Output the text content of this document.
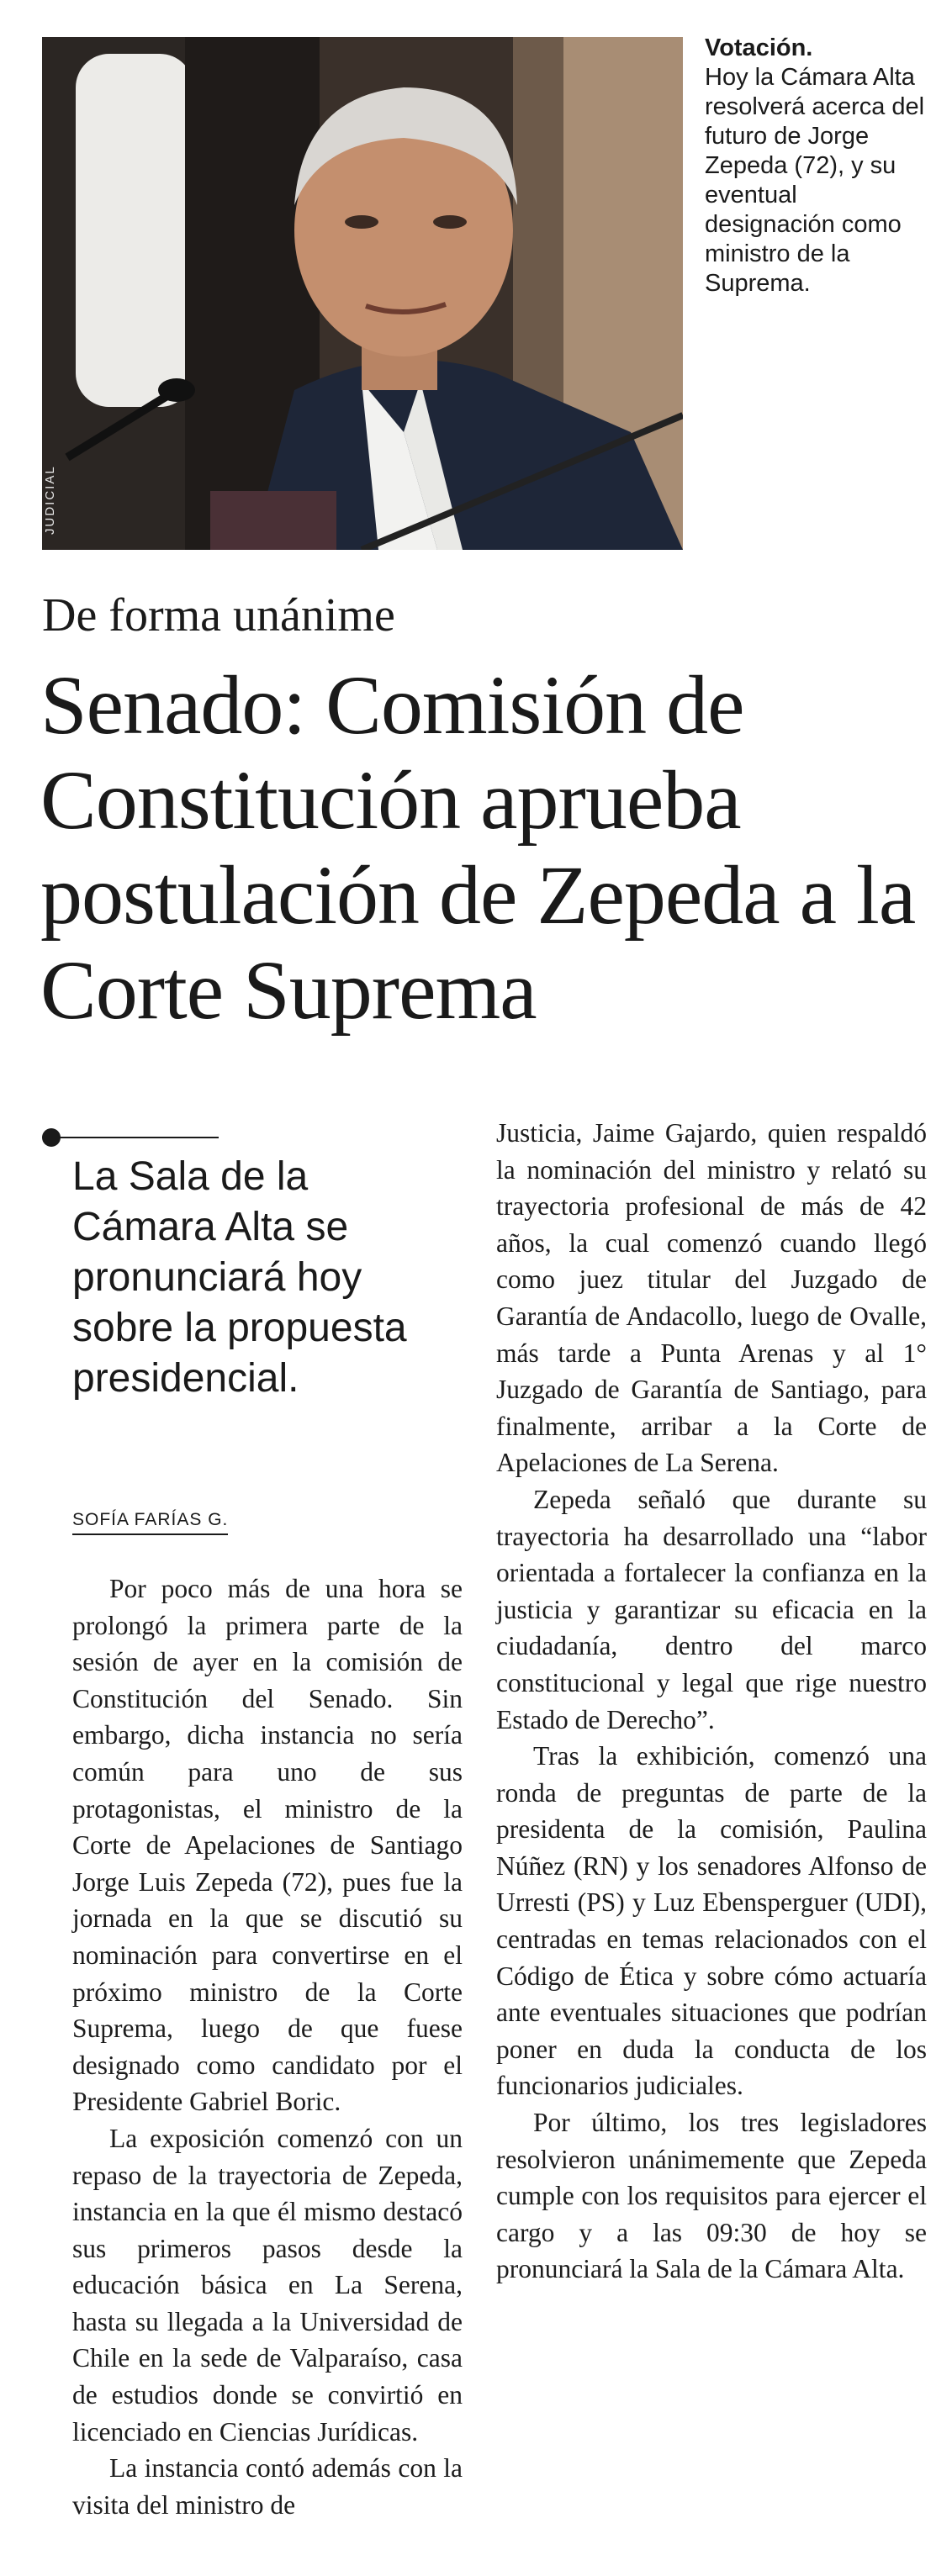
JUDICIAL
Votación.
Hoy la Cámara Alta resolverá acerca del futuro de Jorge Zepeda (72), y su eventual designación como ministro de la Suprema.
De forma unánime
Senado: Comisión de Constitución aprueba postulación de Zepeda a la Corte Suprema
La Sala de la Cámara Alta se pronunciará hoy sobre la propuesta presidencial.
SOFÍA FARÍAS G.

Por poco más de una hora se prolongó la primera parte de la sesión de ayer en la comisión de Constitución del Senado. Sin embargo, dicha instancia no sería común para uno de sus protagonistas, el ministro de la Corte de Apelaciones de Santiago Jorge Luis Zepeda (72), pues fue la jornada en la que se discutió su nominación para convertirse en el próximo ministro de la Corte Suprema, luego de que fuese designado como candidato por el Presidente Gabriel Boric.

La exposición comenzó con un repaso de la trayectoria de Zepeda, instancia en la que él mismo destacó sus primeros pasos desde la educación básica en La Serena, hasta su llegada a la Universidad de Chile en la sede de Valparaíso, casa de estudios donde se convirtió en licenciado en Ciencias Jurídicas.

La instancia contó además con la visita del ministro de

Justicia, Jaime Gajardo, quien respaldó la nominación del ministro y relató su trayectoria profesional de más de 42 años, la cual comenzó cuando llegó como juez titular del Juzgado de Garantía de Andacollo, luego de Ovalle, más tarde a Punta Arenas y al 1° Juzgado de Garantía de Santiago, para finalmente, arribar a la Corte de Apelaciones de La Serena.

Zepeda señaló que durante su trayectoria ha desarrollado una “labor orientada a fortalecer la confianza en la justicia y garantizar su eficacia en la ciudadanía, dentro del marco constitucional y legal que rige nuestro Estado de Derecho”.

Tras la exhibición, comenzó una ronda de preguntas de parte de la presidenta de la comisión, Paulina Núñez (RN) y los senadores Alfonso de Urresti (PS) y Luz Ebensperguer (UDI), centradas en temas relacionados con el Código de Ética y sobre cómo actuaría ante eventuales situaciones que podrían poner en duda la conducta de los funcionarios judiciales.

Por último, los tres legisladores resolvieron unánimemente que Zepeda cumple con los requisitos para ejercer el cargo y a las 09:30 de hoy se pronunciará la Sala de la Cámara Alta.
